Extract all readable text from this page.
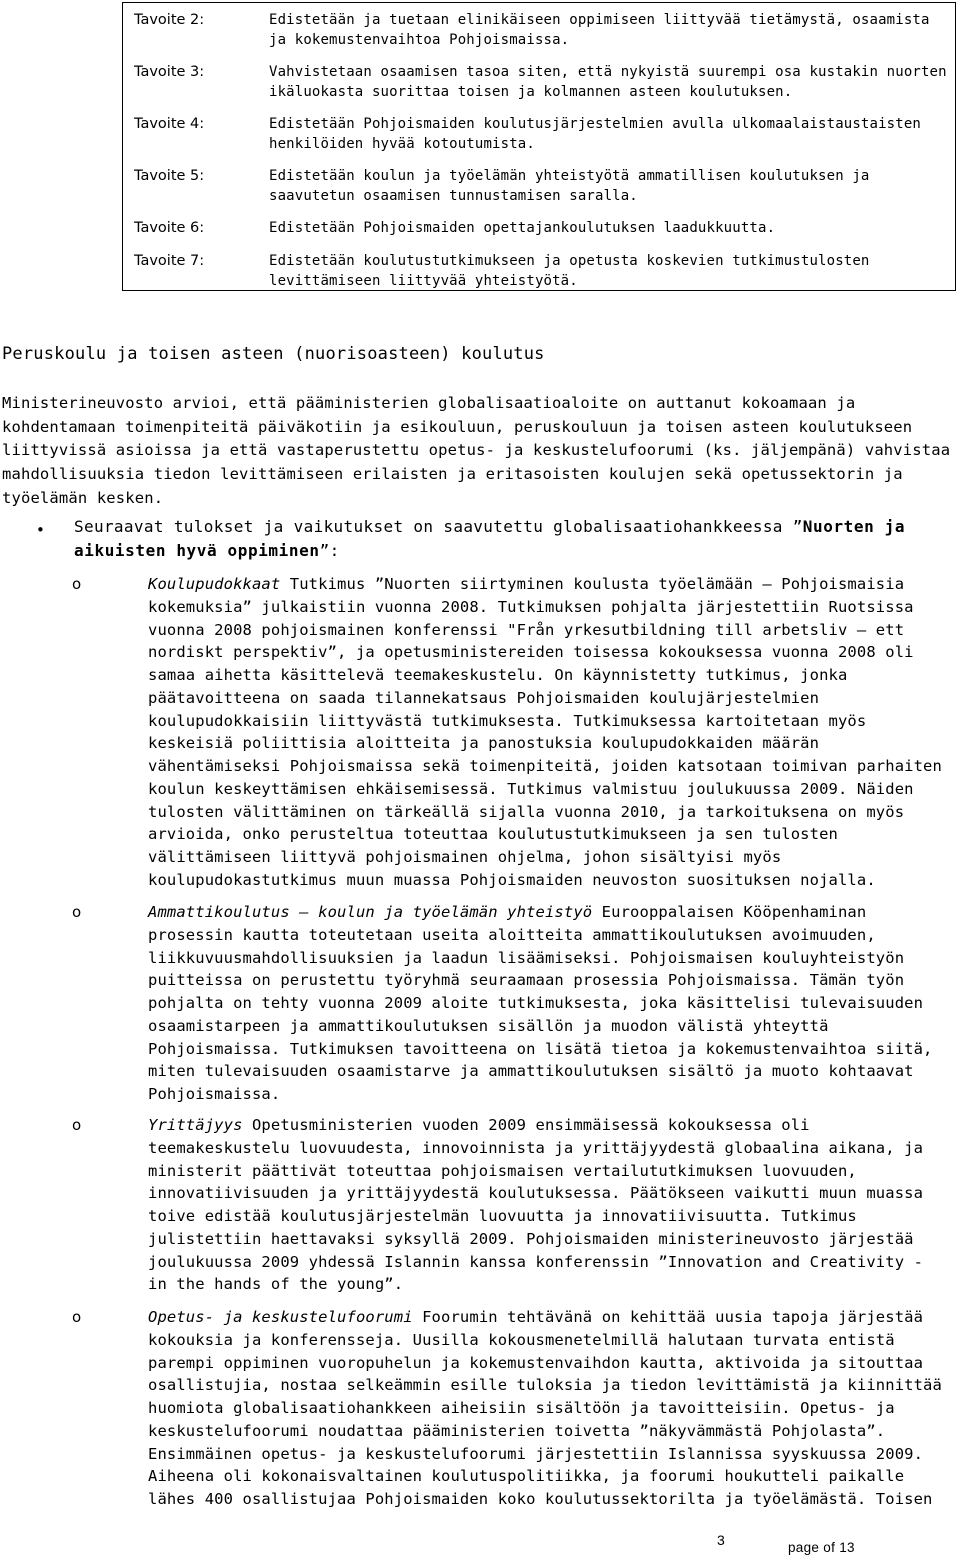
Tavoite 2:	Edistetään ja tuetaan elinikäiseen oppimiseen liittyvää tietämystä, osaamista ja kokemustenvaihtoa Pohjoismaissa.
Tavoite 3:	Vahvistetaan osaamisen tasoa siten, että nykyistä suurempi osa kustakin nuorten ikäluokasta suorittaa toisen ja kolmannen asteen koulutuksen.
Tavoite 4:	Edistetään Pohjoismaiden koulutusjärjestelmien avulla ulkomaalaistaustaisten henkilöiden hyvää kotoutumista.
Tavoite 5:	Edistetään koulun ja työelämän yhteistyötä ammatillisen koulutuksen ja saavutetun osaamisen tunnustamisen saralla.
Tavoite 6:	Edistetään Pohjoismaiden opettajankoulutuksen laadukkuutta.
Tavoite 7:	Edistetään koulutustutkimukseen ja opetusta koskevien tutkimustulosten levittämiseen liittyvää yhteistyötä.
Peruskoulu ja toisen asteen (nuorisoasteen) koulutus
Ministerineuvosto arvioi, että pääministerien globalisaatioaloite on auttanut kokoamaan ja kohdentamaan toimenpiteitä päiväkotiin ja esikouluun, peruskouluun ja toisen asteen koulutukseen liittyvissä asioissa ja että vastaperustettu opetus- ja keskustelufoorumi (ks. jäljempänä) vahvistaa mahdollisuuksia tiedon levittämiseen erilaisten ja eritasoisten koulujen sekä opetussektorin ja työelämän kesken.
• Seuraavat tulokset ja vaikutukset on saavutettu globalisaatiohankkeessa ”Nuorten ja aikuisten hyvä oppiminen”:
o	Koulupudokkaat Tutkimus ”Nuorten siirtyminen koulusta työelämään – Pohjoismaisia kokemuksia” julkaistiin vuonna 2008. Tutkimuksen pohjalta järjestettiin Ruotsissa vuonna 2008 pohjoismainen konferenssi "Från yrkesutbildning till arbetsliv – ett nordiskt perspektiv”, ja opetusministereiden toisessa kokouksessa vuonna 2008 oli samaa aihetta käsittelevä teemakeskustelu. On käynnistetty tutkimus, jonka päätavoitteena on saada tilannekatsaus Pohjoismaiden koulujärjestelmien koulupudokkaisiin liittyvästä tutkimuksesta. Tutkimuksessa kartoitetaan myös keskeisiä poliittisia aloitteita ja panostuksia koulupudokkaiden määrän vähentämiseksi Pohjoismaissa sekä toimenpiteitä, joiden katsotaan toimivan parhaiten koulun keskeyttämisen ehkäisemisessä. Tutkimus valmistuu joulukuussa 2009. Näiden tulosten välittäminen on tärkeällä sijalla vuonna 2010, ja tarkoituksena on myös arvioida, onko perusteltua toteuttaa koulutustutkimukseen ja sen tulosten välittämiseen liittyvä pohjoismainen ohjelma, johon sisältyisi myös koulupudokastutkimus muun muassa Pohjoismaiden neuvoston suosituksen nojalla.
o	Ammattikoulutus – koulun ja työelämän yhteistyö Eurooppalaisen Kööpenhaminan prosessin kautta toteutetaan useita aloitteita ammattikoulutuksen avoimuuden, liikkuvuusmahdollisuuksien ja laadun lisäämiseksi. Pohjoismaisen kouluyhteistyön puitteissa on perustettu työryhmä seuraamaan prosessia Pohjoismaissa. Tämän työn pohjalta on tehty vuonna 2009 aloite tutkimuksesta, joka käsittelisi tulevaisuuden osaamistarpeen ja ammattikoulutuksen sisällön ja muodon välistä yhteyttä Pohjoismaissa. Tutkimuksen tavoitteena on lisätä tietoa ja kokemustenvaihtoa siitä, miten tulevaisuuden osaamistarve ja ammattikoulutuksen sisältö ja muoto kohtaavat Pohjoismaissa.
o	Yrittäjyys Opetusministerien vuoden 2009 ensimmäisessä kokouksessa oli teemakeskustelu luovuudesta, innovoinnista ja yrittäjyydestä globaalina aikana, ja ministerit päättivät toteuttaa pohjoismaisen vertailututkimuksen luovuuden, innovatiivisuuden ja yrittäjyydestä koulutuksessa. Päätökseen vaikutti muun muassa toive edistää koulutusjärjestelmän luovuutta ja innovatiivisuutta. Tutkimus julistettiin haettavaksi syksyllä 2009. Pohjoismaiden ministerineuvosto järjestää joulukuussa 2009 yhdessä Islannin kanssa konferenssin ”Innovation and Creativity - in the hands of the young”.
o	Opetus- ja keskustelufoorumi Foorumin tehtävänä on kehittää uusia tapoja järjestää kokouksia ja konferensseja. Uusilla kokousmenetelmillä halutaan turvata entistä parempi oppiminen vuoropuhelun ja kokemustenvaihdon kautta, aktivoida ja sitouttaa osallistujia, nostaa selkeämmin esille tuloksia ja tiedon levittämistä ja kiinnittää huomiota globalisaatiohankkeen aiheisiin sisältöön ja tavoitteisiin. Opetus- ja keskustelufoorumi noudattaa pääministerien toivetta ”näkyvämmästä Pohjolasta”. Ensimmäinen opetus- ja keskustelufoorumi järjestettiin Islannissa syyskuussa 2009. Aiheena oli kokonaisvaltainen koulutuspolitiikka, ja foorumi houkutteli paikalle lähes 400 osallistujaa Pohjoismaiden koko koulutussektorilta ja työelämästä. Toisen
3	page of 13
